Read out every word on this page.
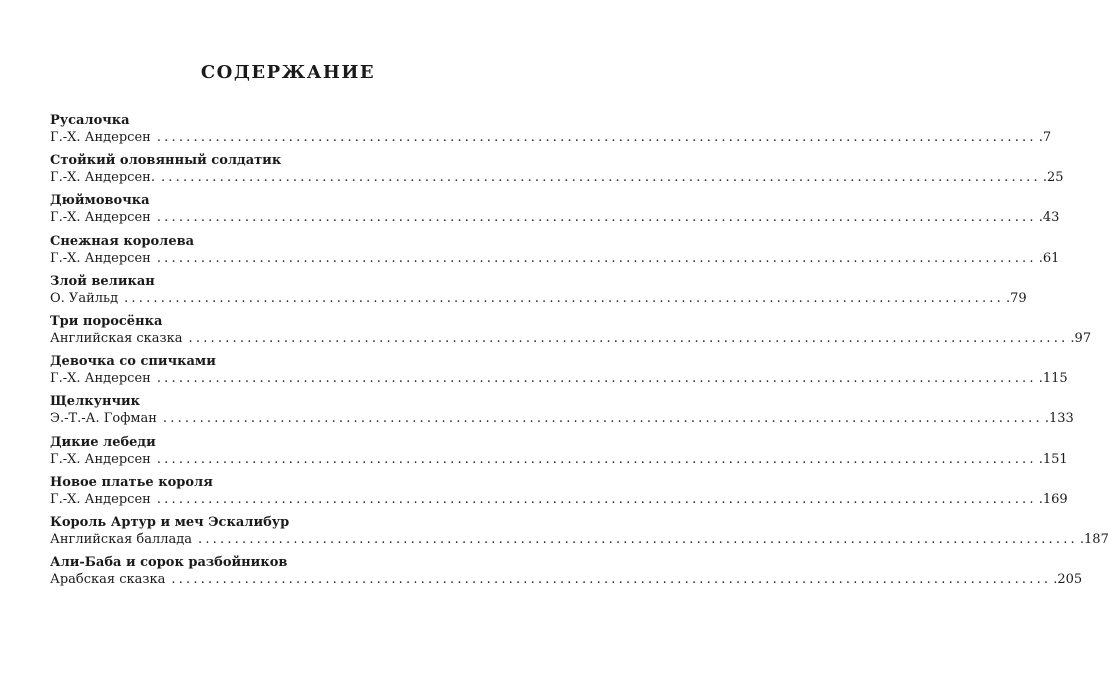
СОДЕРЖАНИЕ
Русалочка
Г.-Х. Андерсен ........................................................................................................................ .7
Стойкий оловянный солдатик
Г.-Х. Андерсен. ........................................................................................................................ .25
Дюймовочка
Г.-Х. Андерсен ........................................................................................................................ .43
Снежная королева
Г.-Х. Андерсен ........................................................................................................................ .61
Злой великан
О. Уайльд ........................................................................................................................ .79
Три поросёнка
Английская сказка ........................................................................................................................ .97
Девочка со спичками
Г.-Х. Андерсен ........................................................................................................................ .115
Щелкунчик
Э.-Т.-А. Гофман ........................................................................................................................ .133
Дикие лебеди
Г.-Х. Андерсен ........................................................................................................................ .151
Новое платье короля
Г.-Х. Андерсен ........................................................................................................................ .169
Король Артур и меч Эскалибур
Английская баллада ........................................................................................................................ .187
Али-Баба и сорок разбойников
Арабская сказка ........................................................................................................................ .205
